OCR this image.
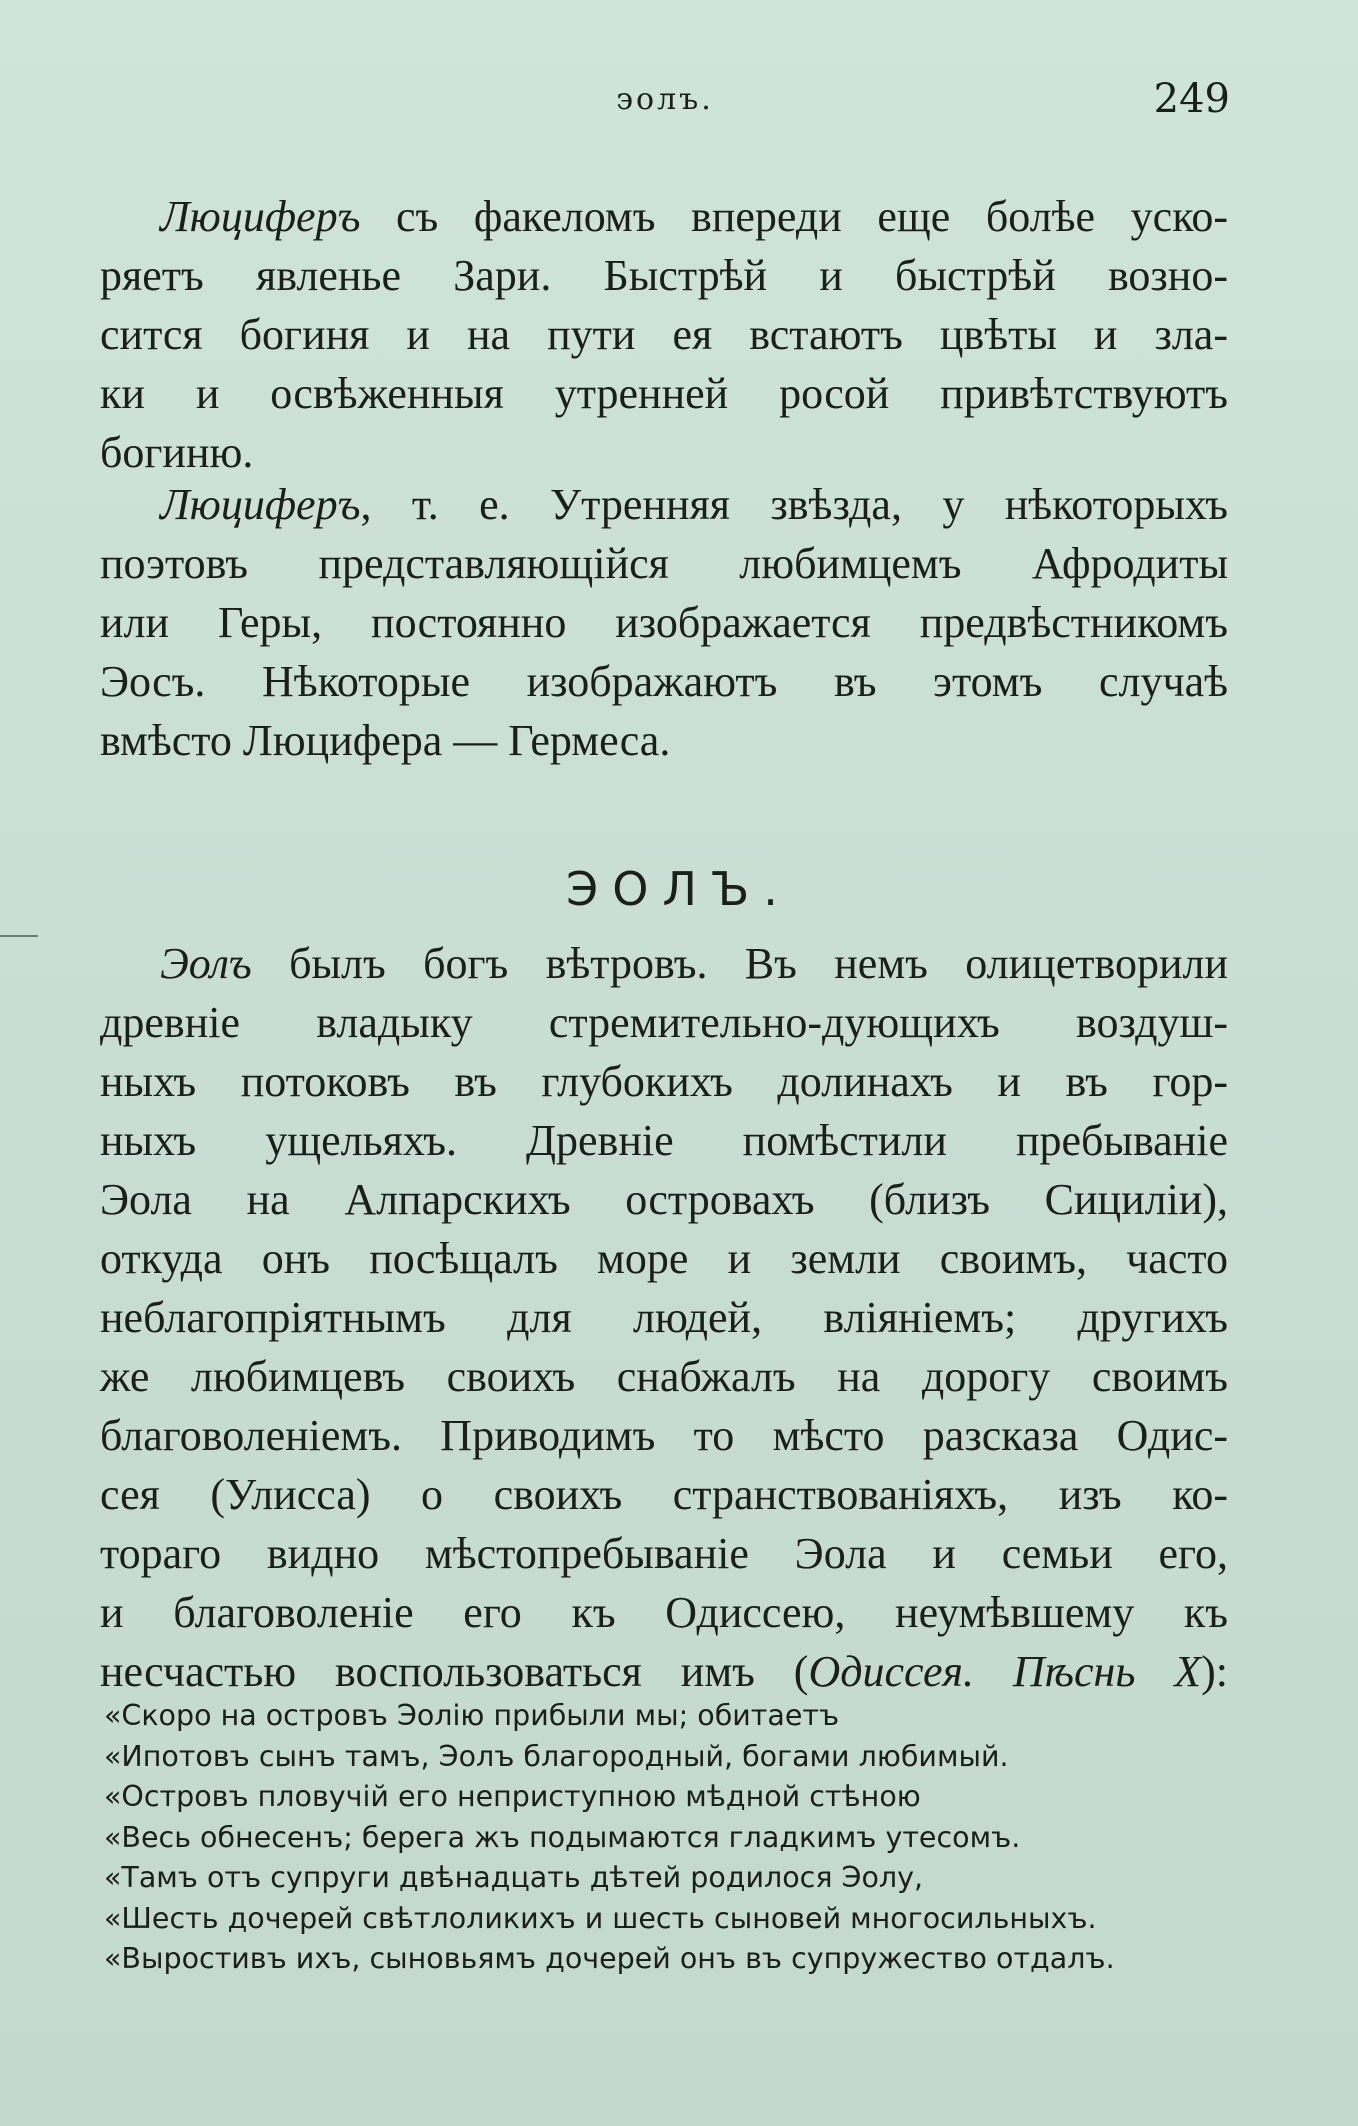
эолъ.	249
Люциферъ съ факеломъ впереди еще болѣе уско-
ряетъ явленье Зари. Быстрѣй и быстрѣй возно-
сится богиня и на пути ея встаютъ цвѣты и зла-
ки и освѣженныя утренней росой привѣтствуютъ
богиню.
Люциферъ, т. е. Утренняя звѣзда, у нѣкоторыхъ
поэтовъ представляющійся любимцемъ Афродиты
или Геры, постоянно изображается предвѣстникомъ
Эосъ. Нѣкоторые изображаютъ въ этомъ случаѣ
вмѣсто Люцифера — Гермеса.
ЭОЛЪ.
Эолъ былъ богъ вѣтровъ. Въ немъ олицетворили
древніе владыку стремительно-дующихъ воздуш-
ныхъ потоковъ въ глубокихъ долинахъ и въ гор-
ныхъ ущельяхъ. Древніе помѣстили пребываніе
Эола на Алпарскихъ островахъ (близъ Сициліи),
откуда онъ посѣщалъ море и земли своимъ, часто
неблагопріятнымъ для людей, вліяніемъ; другихъ
же любимцевъ своихъ снабжалъ на дорогу своимъ
благоволеніемъ. Приводимъ то мѣсто разсказа Одис-
сея (Улисса) о своихъ странствованіяхъ, изъ ко-
тораго видно мѣстопребываніе Эола и семьи его,
и благоволеніе его къ Одиссею, неумѣвшему къ
несчастью воспользоваться имъ (Одиссея. Пѣснь X):
«Скоро на островъ Эолію прибыли мы; обитаетъ
«Ипотовъ сынъ тамъ, Эолъ благородный, богами любимый.
«Островъ пловучій его неприступною мѣдной стѣною
«Весь обнесенъ; берега жъ подымаются гладкимъ утесомъ.
«Тамъ отъ супруги двѣнадцать дѣтей родилося Эолу,
«Шесть дочерей свѣтлоликихъ и шесть сыновей многосильныхъ.
«Выростивъ ихъ, сыновьямъ дочерей онъ въ супружество отдалъ.
